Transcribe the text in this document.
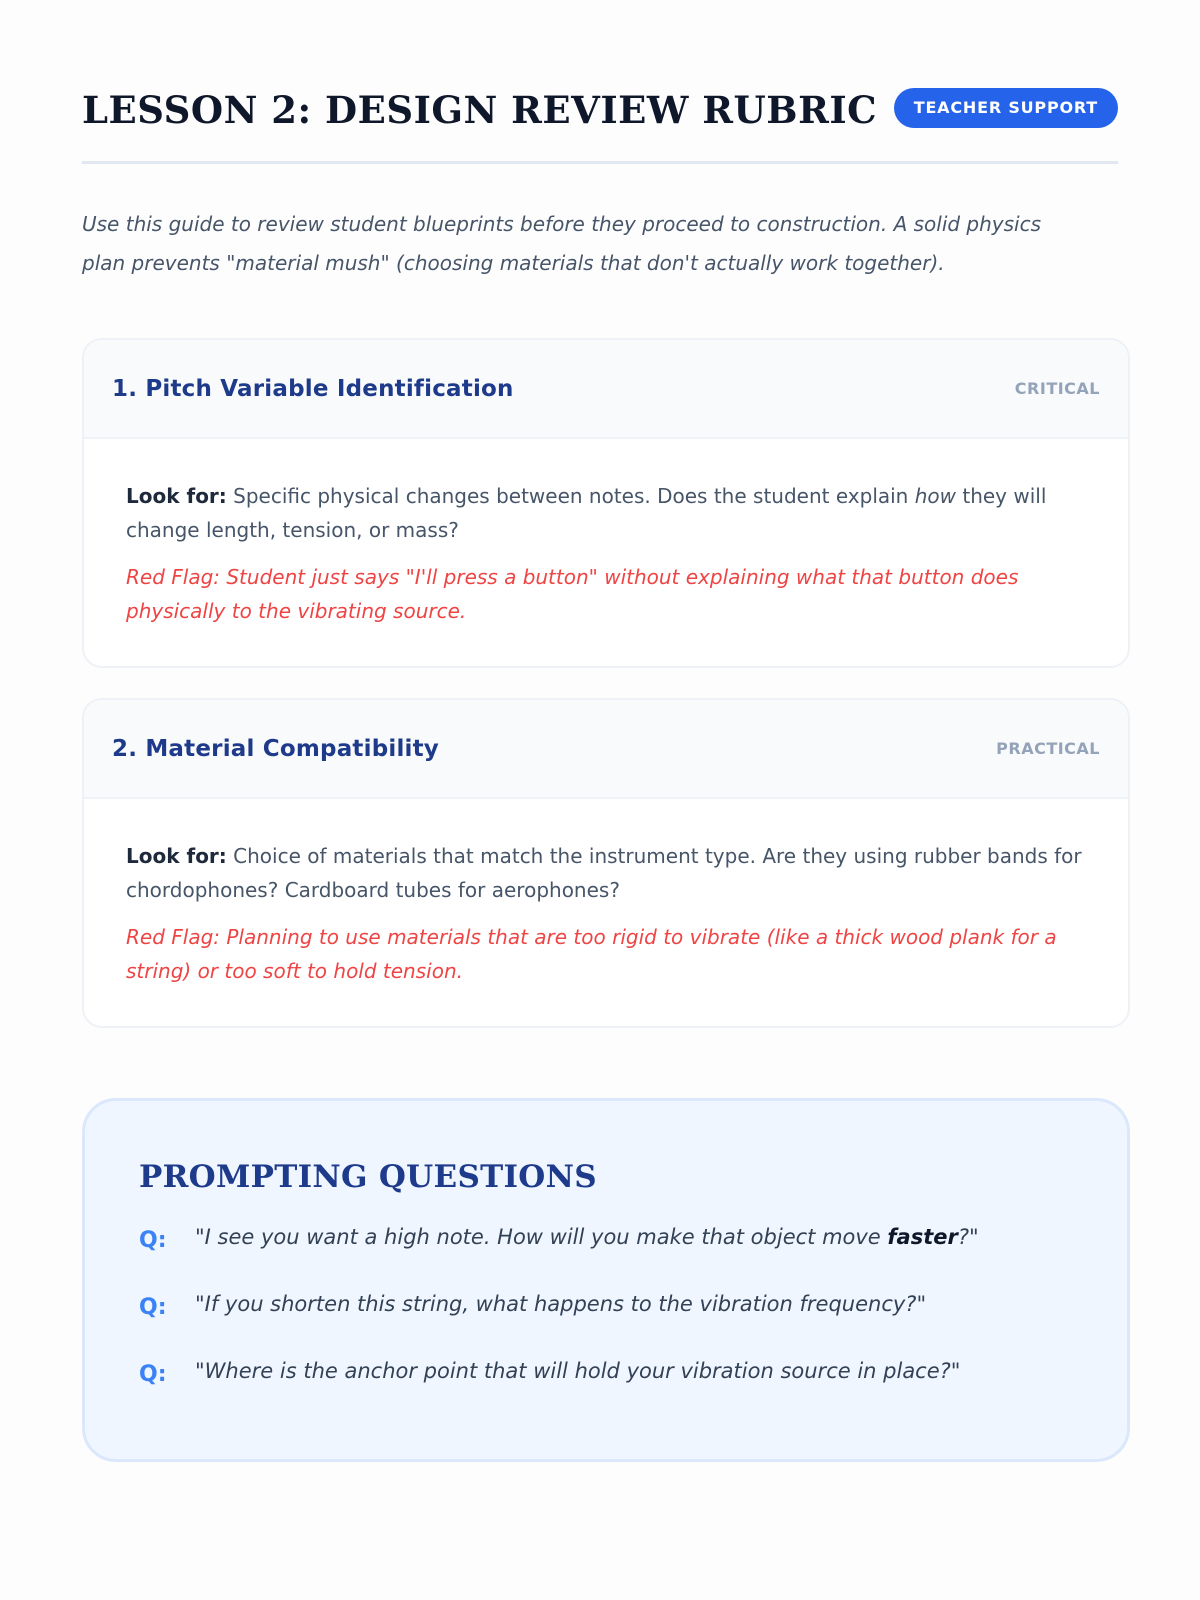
LESSON 2: DESIGN REVIEW RUBRIC	TEACHER SUPPORT

Use this guide to review student blueprints before they proceed to construction. A solid physics plan prevents "material mush" (choosing materials that don't actually work together).

1. Pitch Variable Identification	CRITICAL

Look for: Specific physical changes between notes. Does the student explain how they will change length, tension, or mass?

Red Flag: Student just says "I'll press a button" without explaining what that button does physically to the vibrating source.

2. Material Compatibility	PRACTICAL

Look for: Choice of materials that match the instrument type. Are they using rubber bands for chordophones? Cardboard tubes for aerophones?

Red Flag: Planning to use materials that are too rigid to vibrate (like a thick wood plank for a string) or too soft to hold tension.

PROMPTING QUESTIONS
Q:	"I see you want a high note. How will you make that object move faster?"
Q:	"If you shorten this string, what happens to the vibration frequency?"
Q:	"Where is the anchor point that will hold your vibration source in place?"
